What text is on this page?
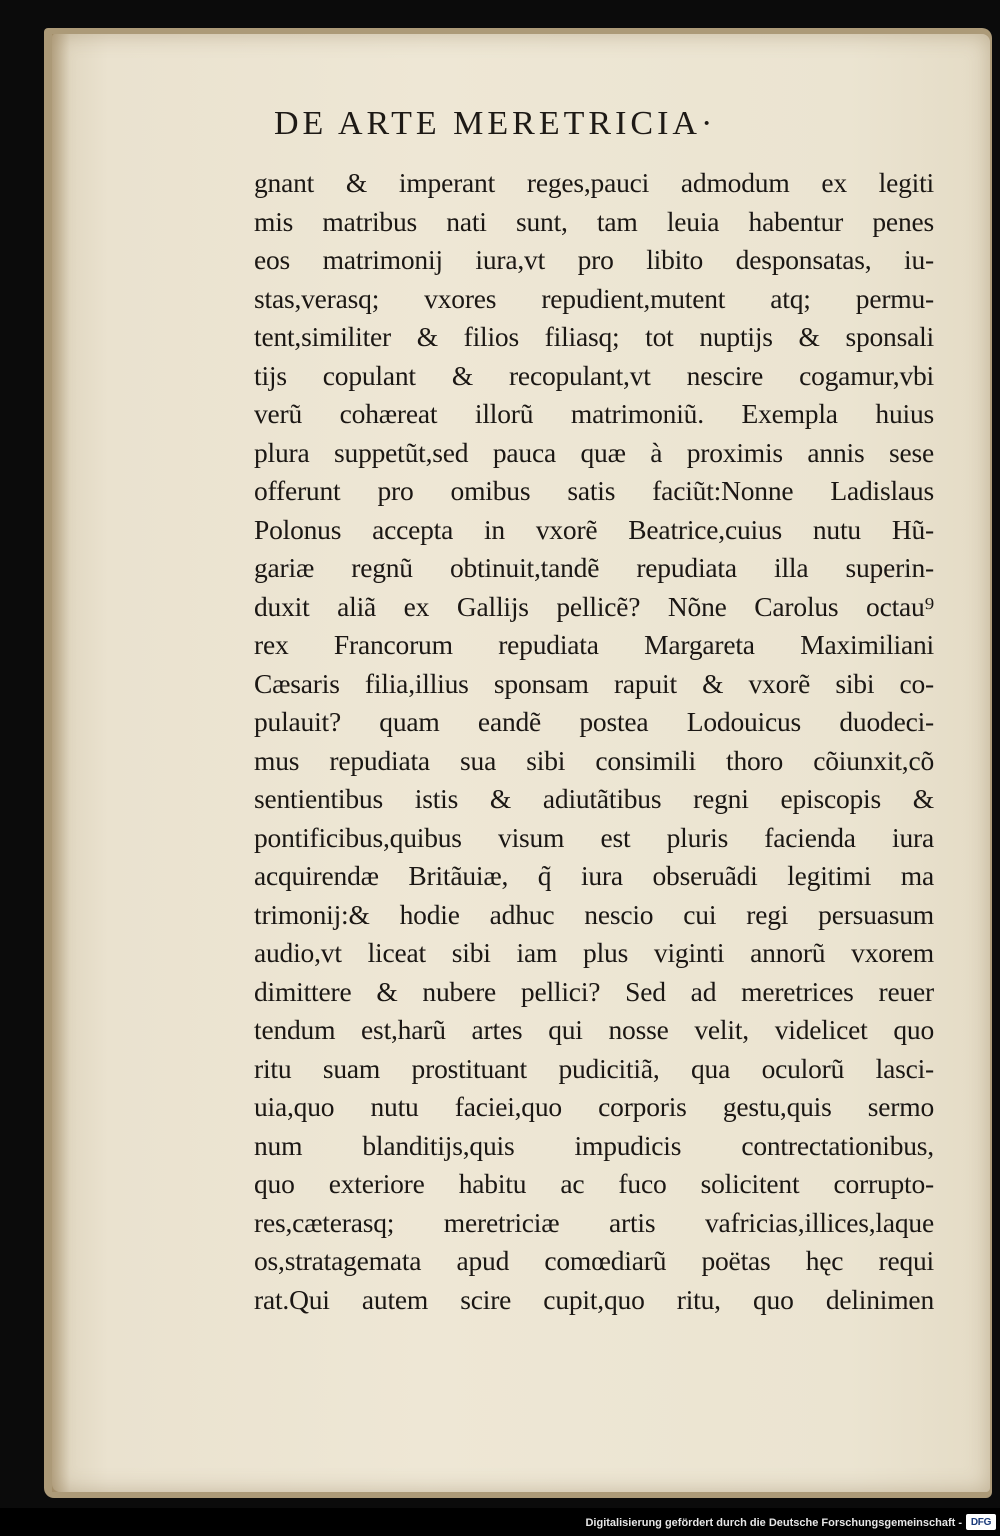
DE ARTE MERETRICIA·
gnant & imperant reges,pauci admodum ex legiti
mis matribus nati sunt, tam leuia habentur penes
eos matrimonij iura,vt pro libito desponsatas, iu-
stas,verasq; vxores repudient,mutent atq; permu-
tent,similiter & filios filiasq; tot nuptijs & sponsali
tijs copulant & recopulant,vt nescire cogamur,vbi
verũ cohæreat illorũ matrimoniũ. Exempla huius
plura suppetũt,sed pauca quæ à proximis annis sese
offerunt pro omibus satis faciũt:Nonne Ladislaus
Polonus accepta in vxorẽ Beatrice,cuius nutu Hũ-
gariæ regnũ obtinuit,tandẽ repudiata illa superin-
duxit aliã ex Gallijs pellicẽ? Nõne Carolus octau⁹
rex Francorum repudiata Margareta Maximiliani
Cæsaris filia,illius sponsam rapuit & vxorẽ sibi co-
pulauit? quam eandẽ postea Lodouicus duodeci-
mus repudiata sua sibi consimili thoro cõiunxit,cõ
sentientibus istis & adiutãtibus regni episcopis &
pontificibus,quibus visum est pluris facienda iura
acquirendæ Britãuiæ, q̃ iura obseruãdi legitimi ma
trimonij:& hodie adhuc nescio cui regi persuasum
audio,vt liceat sibi iam plus viginti annorũ vxorem
dimittere & nubere pellici? Sed ad meretrices reuer
tendum est,harũ artes qui nosse velit, videlicet quo
ritu suam prostituant pudicitiã, qua oculorũ lasci-
uia,quo nutu faciei,quo corporis gestu,quis sermo
num blanditijs,quis impudicis contrectationibus,
quo exteriore habitu ac fuco solicitent corrupto-
res,cæterasq; meretriciæ artis vafricias,illices,laque
os,stratagemata apud comœdiarũ poëtas hęc requi
rat.Qui autem scire cupit,quo ritu, quo delinimen
Digitalisierung gefördert durch die Deutsche Forschungsgemeinschaft - DFG
